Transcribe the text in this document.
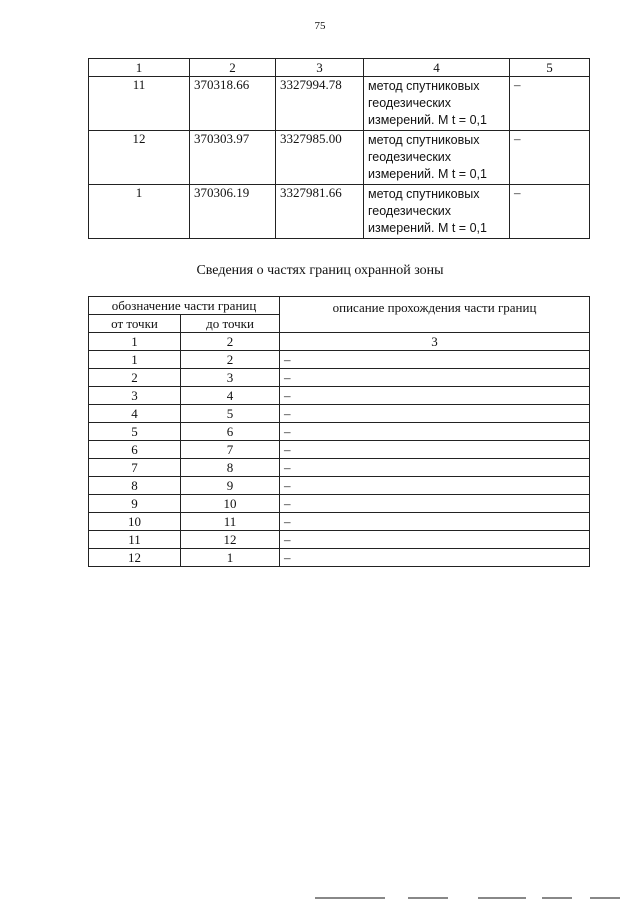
75
1	2	3	4	5
11	370318.66	3327994.78	метод спутниковых
геодезических
измерений. M t = 0,1	–
12	370303.97	3327985.00	метод спутниковых
геодезических
измерений. M t = 0,1	–
1	370306.19	3327981.66	метод спутниковых
геодезических
измерений. M t = 0,1	–
Сведения о частях границ охранной зоны
обозначение части границ		описание прохождения части границ
от точки	до точки	
1	2	3
1	2	–
2	3	–
3	4	–
4	5	–
5	6	–
6	7	–
7	8	–
8	9	–
9	10	–
10	11	–
11	12	–
12	1	–
